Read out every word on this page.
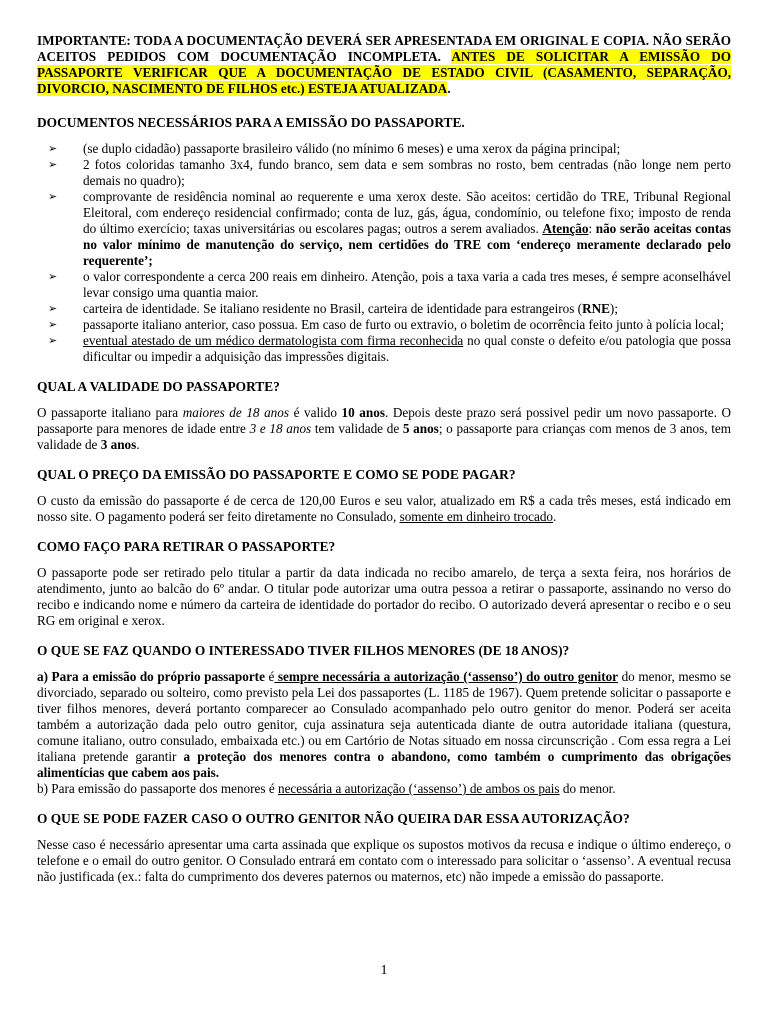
IMPORTANTE: TODA A DOCUMENTAÇÃO DEVERÁ SER APRESENTADA EM ORIGINAL E COPIA. NÃO SERÃO ACEITOS PEDIDOS COM DOCUMENTAÇÃO INCOMPLETA. ANTES DE SOLICITAR A EMISSÃO DO PASSAPORTE VERIFICAR QUE A DOCUMENTAÇÃO DE ESTADO CIVIL (CASAMENTO, SEPARAÇÃO, DIVORCIO, NASCIMENTO DE FILHOS etc.) ESTEJA ATUALIZADA.

DOCUMENTOS NECESSÁRIOS PARA A EMISSÃO DO PASSAPORTE.
➢ (se duplo cidadão) passaporte brasileiro válido (no mínimo 6 meses) e uma xerox da página principal;
➢ 2 fotos coloridas tamanho 3x4, fundo branco, sem data e sem sombras no rosto, bem centradas (não longe nem perto demais no quadro);
➢ comprovante de residência nominal ao requerente e uma xerox deste. São aceitos: certidão do TRE, Tribunal Regional Eleitoral, com endereço residencial confirmado; conta de luz, gás, água, condomínio, ou telefone fixo; imposto de renda do último exercício; taxas universitárias ou escolares pagas; outros a serem avaliados. Atenção: não serão aceitas contas no valor mínimo de manutenção do serviço, nem certidões do TRE com ‘endereço meramente declarado pelo requerente’;
➢ o valor correspondente a cerca 200 reais em dinheiro. Atenção, pois a taxa varia a cada tres meses, é sempre aconselhável levar consigo uma quantia maior.
➢ carteira de identidade. Se italiano residente no Brasil, carteira de identidade para estrangeiros (RNE);
➢ passaporte italiano anterior, caso possua. Em caso de furto ou extravio, o boletim de ocorrência feito junto à polícia local;
➢ eventual atestado de um médico dermatologista com firma reconhecida no qual conste o defeito e/ou patologia que possa dificultar ou impedir a adquisição das impressões digitais.
QUAL A VALIDADE DO PASSAPORTE?

O passaporte italiano para maiores de 18 anos é valido 10 anos. Depois deste prazo será possivel pedir um novo passaporte. O passaporte para menores de idade entre 3 e 18 anos tem validade de 5 anos; o passaporte para crianças com menos de 3 anos, tem validade de 3 anos.

QUAL O PREÇO DA EMISSÃO DO PASSAPORTE E COMO SE PODE PAGAR?

O custo da emissão do passaporte é de cerca de 120,00 Euros e seu valor, atualizado em R$ a cada três meses, está indicado em nosso site. O pagamento poderá ser feito diretamente no Consulado, somente em dinheiro trocado.

COMO FAÇO PARA RETIRAR O PASSAPORTE?

O passaporte pode ser retirado pelo titular a partir da data indicada no recibo amarelo, de terça a sexta feira, nos horários de atendimento, junto ao balcão do 6º andar. O titular pode autorizar uma outra pessoa a retirar o passaporte, assinando no verso do recibo e indicando nome e número da carteira de identidade do portador do recibo. O autorizado deverá apresentar o recibo e o seu RG em original e xerox.

O QUE SE FAZ QUANDO O INTERESSADO TIVER FILHOS MENORES (DE 18 ANOS)?

a) Para a emissão do próprio passaporte é sempre necessária a autorização (‘assenso’) do outro genitor do menor, mesmo se divorciado, separado ou solteiro, como previsto pela Lei dos passaportes (L. 1185 de 1967). Quem pretende solicitar o passaporte e tiver filhos menores, deverá portanto comparecer ao Consulado acompanhado pelo outro genitor do menor. Poderá ser aceita também a autorização dada pelo outro genitor, cuja assinatura seja autenticada diante de outra autoridade italiana (questura, comune italiano, outro consulado, embaixada etc.) ou em Cartório de Notas situado em nossa circunscrição . Com essa regra a Lei italiana pretende garantir a proteção dos menores contra o abandono, como também o cumprimento das obrigações alimentícias que cabem aos pais.

b) Para emissão do passaporte dos menores é necessária a autorização (‘assenso’) de ambos os pais do menor.

O QUE SE PODE FAZER CASO O OUTRO GENITOR NÃO QUEIRA DAR ESSA AUTORIZAÇÃO?

Nesse caso é necessário apresentar uma carta assinada que explique os supostos motivos da recusa e indique o último endereço, o telefone e o email do outro genitor. O Consulado entrará em contato com o interessado para solicitar o ‘assenso’. A eventual recusa não justificada (ex.: falta do cumprimento dos deveres paternos ou maternos, etc) não impede a emissão do passaporte.

1
